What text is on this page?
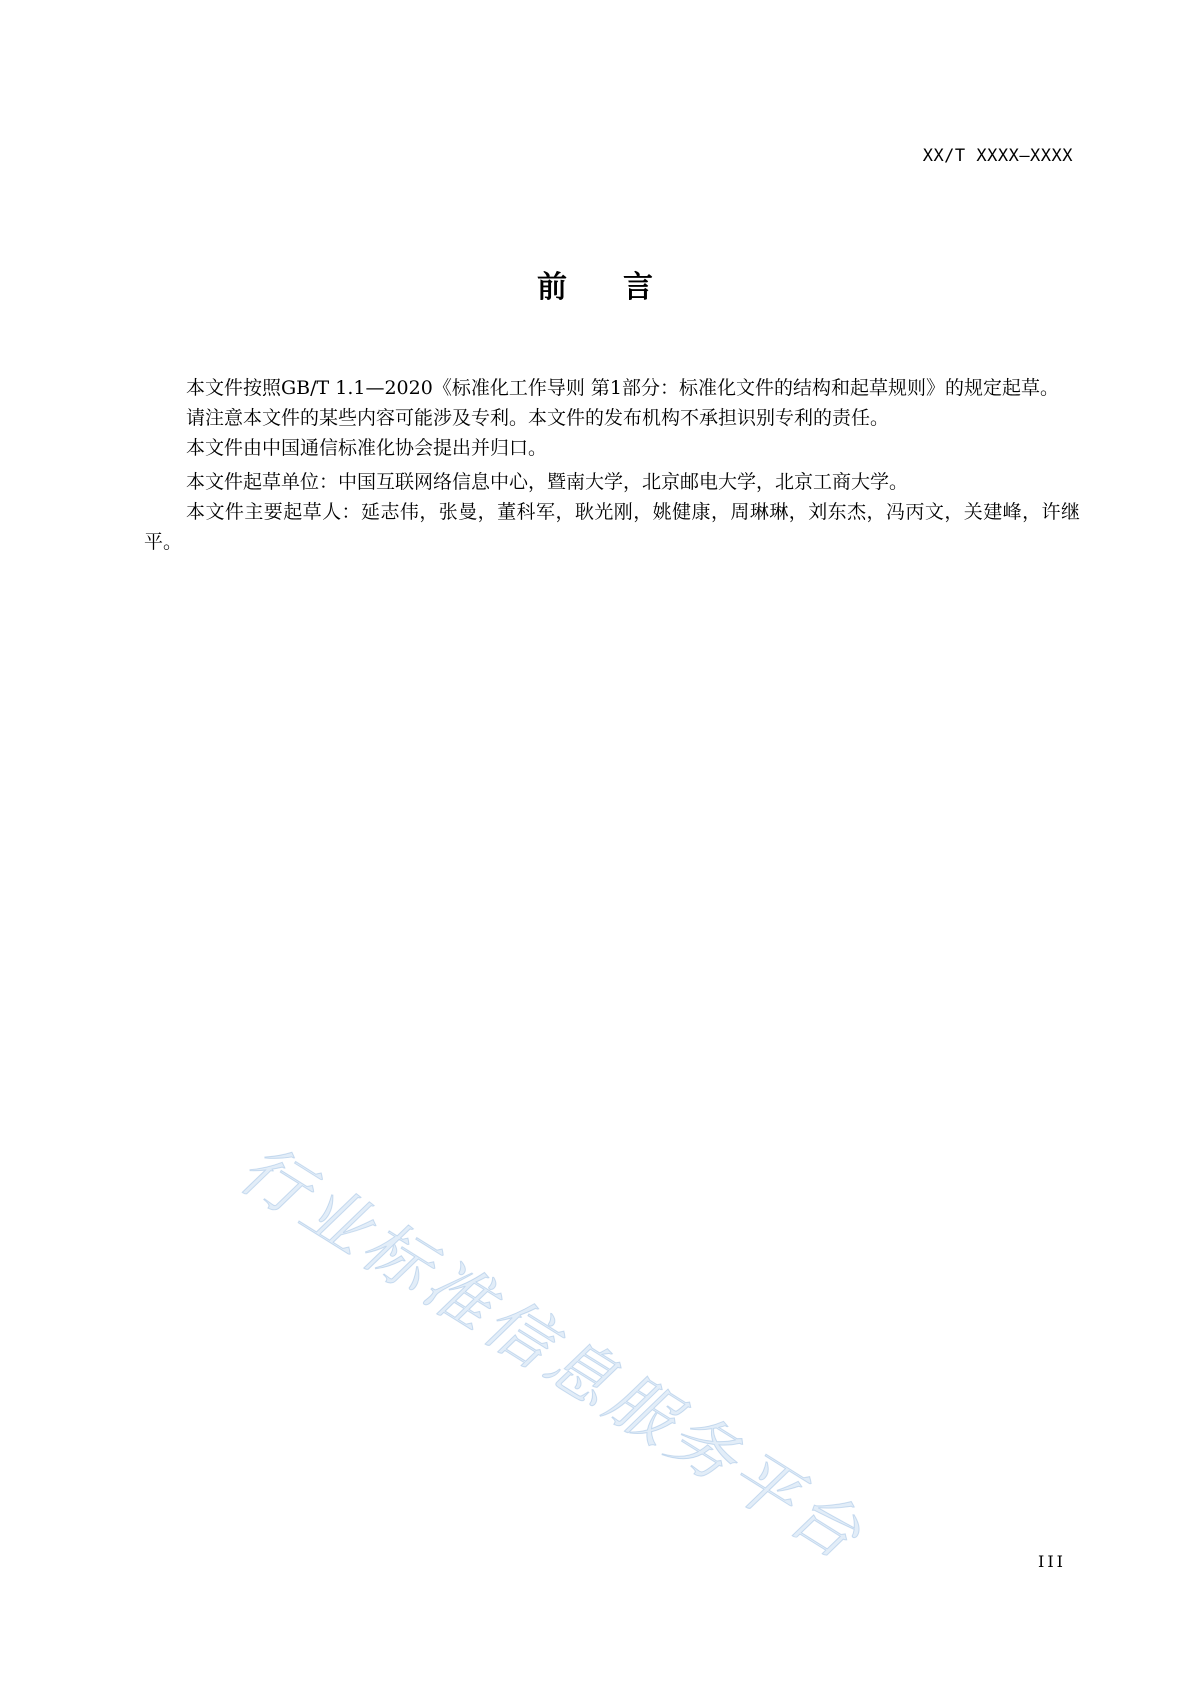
XX/T XXXX—XXXX
前言

本文件按照GB/T 1.1—2020《标准化工作导则 第1部分：标准化文件的结构和起草规则》的规定起草。

请注意本文件的某些内容可能涉及专利。本文件的发布机构不承担识别专利的责任。

本文件由中国通信标准化协会提出并归口。

本文件起草单位：中国互联网络信息中心，暨南大学，北京邮电大学，北京工商大学。

本文件主要起草人：延志伟，张曼，董科军，耿光刚，姚健康，周琳琳，刘东杰，冯丙文，关建峰，许继平。

行业标准信息服务平台	III
